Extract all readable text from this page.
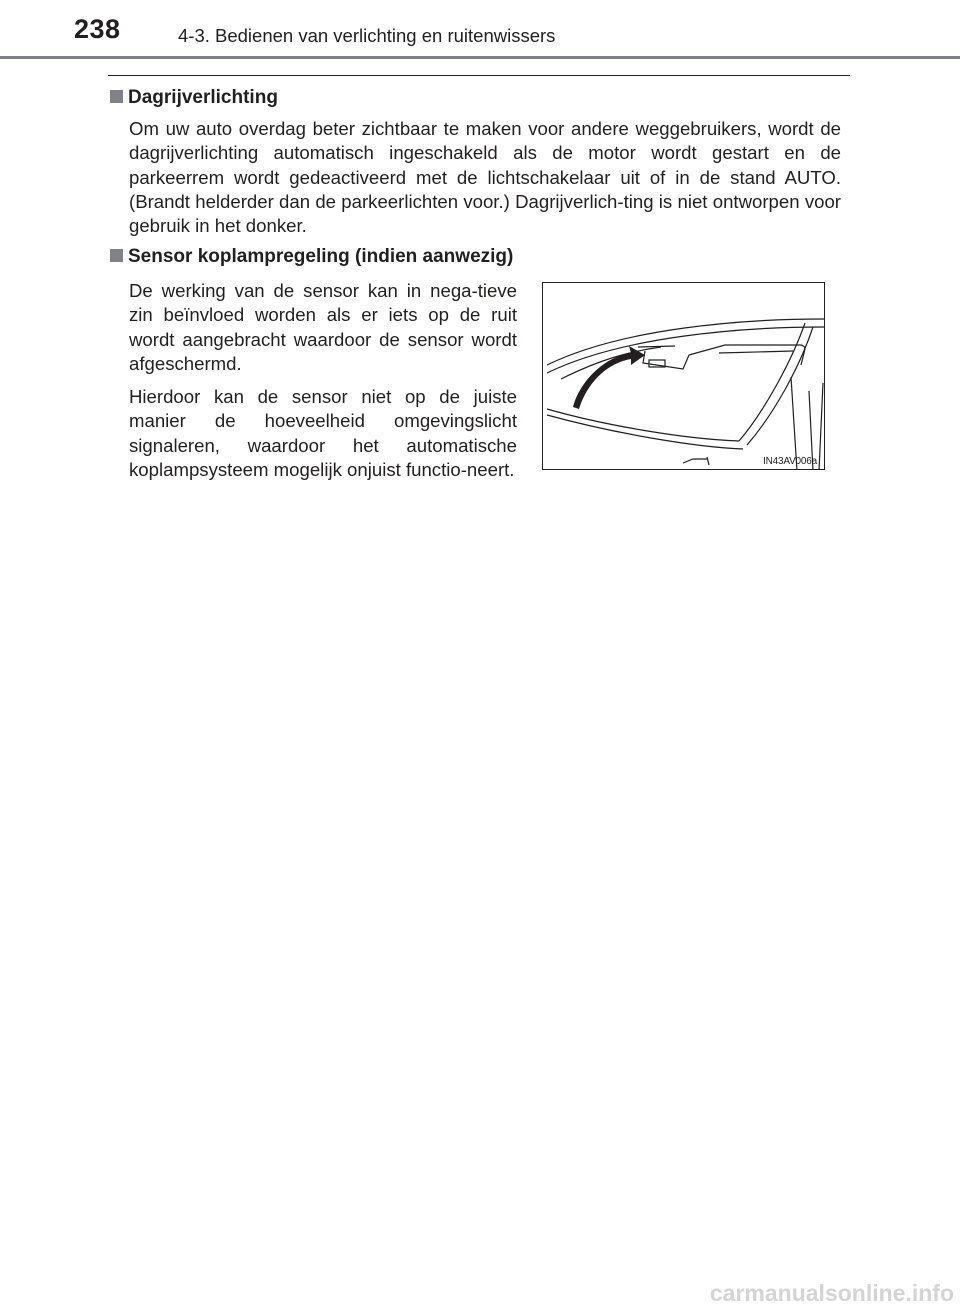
238	4-3. Bedienen van verlichting en ruitenwissers
Dagrijverlichting
Om uw auto overdag beter zichtbaar te maken voor andere weggebruikers, wordt de dagrijverlichting automatisch ingeschakeld als de motor wordt gestart en de parkeerrem wordt gedeactiveerd met de lichtschakelaar uit of in de stand AUTO. (Brandt helderder dan de parkeerlichten voor.) Dagrijverlich-ting is niet ontworpen voor gebruik in het donker.
Sensor koplampregeling (indien aanwezig)
De werking van de sensor kan in nega-tieve zin beïnvloed worden als er iets op de ruit wordt aangebracht waardoor de sensor wordt afgeschermd.
Hierdoor kan de sensor niet op de juiste manier de hoeveelheid omgevingslicht signaleren, waardoor het automatische koplampsysteem mogelijk onjuist functio-neert.	IN43AV006a
carmanualsonline.info
